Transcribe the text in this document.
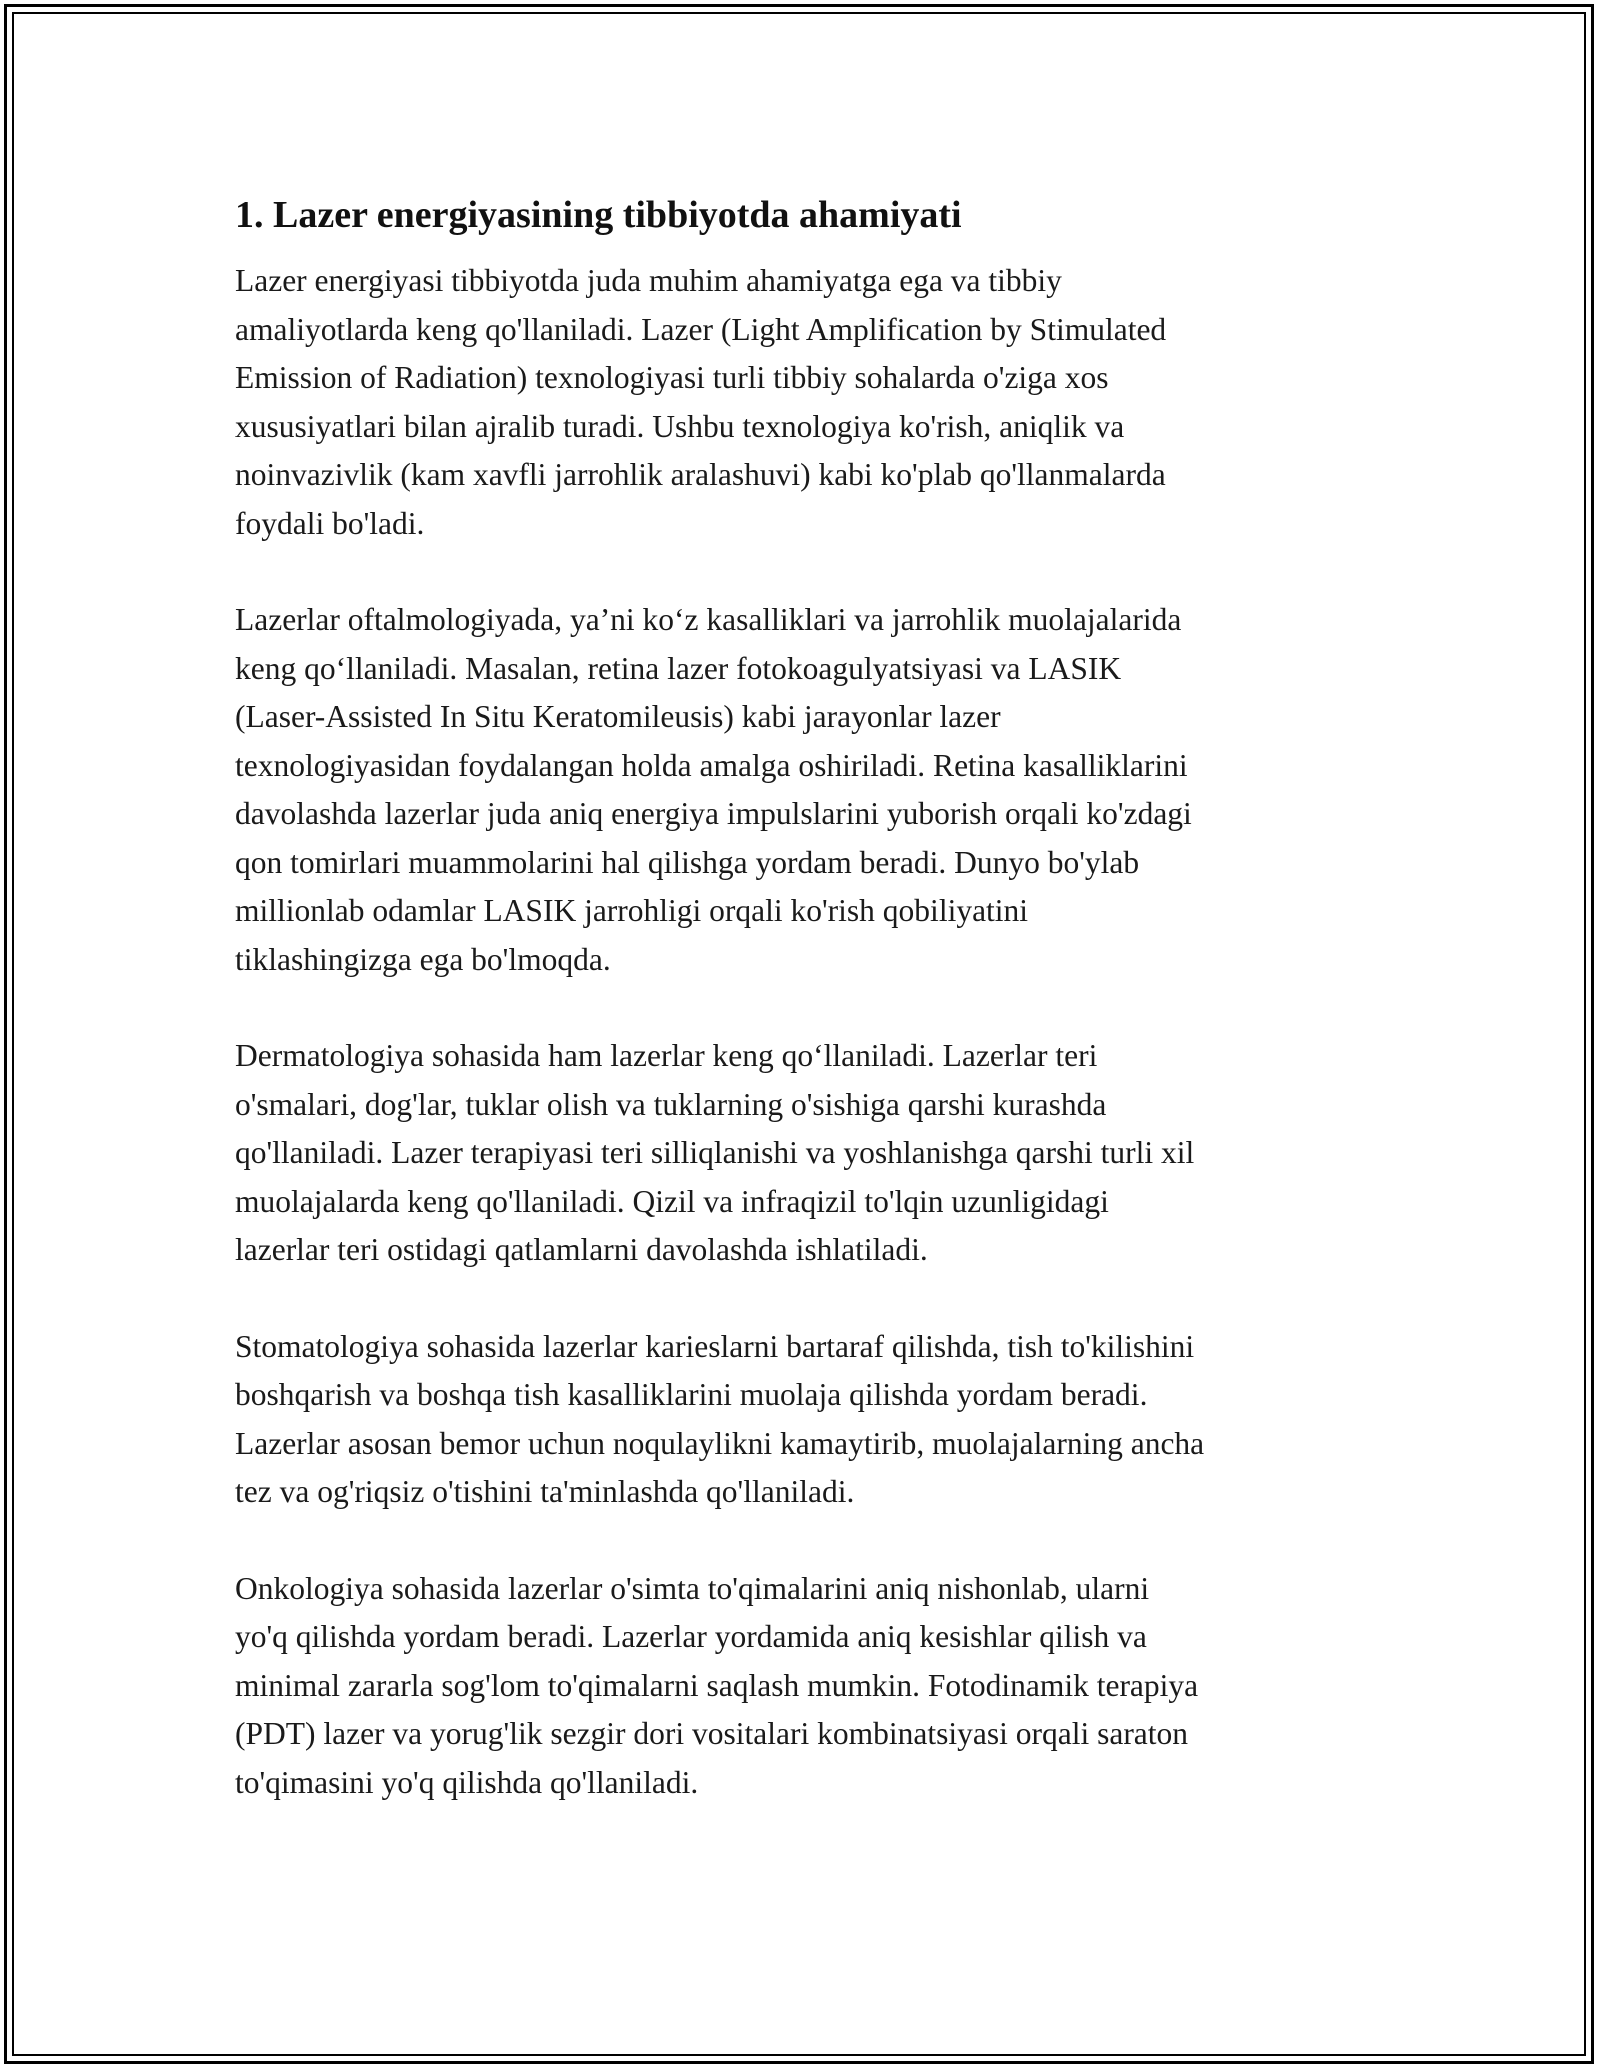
1. Lazer energiyasining tibbiyotda ahamiyati

Lazer energiyasi tibbiyotda juda muhim ahamiyatga ega va tibbiy
amaliyotlarda keng qo'llaniladi. Lazer (Light Amplification by Stimulated
Emission of Radiation) texnologiyasi turli tibbiy sohalarda o'ziga xos
xususiyatlari bilan ajralib turadi. Ushbu texnologiya ko'rish, aniqlik va
noinvazivlik (kam xavfli jarrohlik aralashuvi) kabi ko'plab qo'llanmalarda
foydali bo'ladi.

Lazerlar oftalmologiyada, ya’ni ko‘z kasalliklari va jarrohlik muolajalarida
keng qo‘llaniladi. Masalan, retina lazer fotokoagulyatsiyasi va LASIK
(Laser-Assisted In Situ Keratomileusis) kabi jarayonlar lazer
texnologiyasidan foydalangan holda amalga oshiriladi. Retina kasalliklarini
davolashda lazerlar juda aniq energiya impulslarini yuborish orqali ko'zdagi
qon tomirlari muammolarini hal qilishga yordam beradi. Dunyo bo'ylab
millionlab odamlar LASIK jarrohligi orqali ko'rish qobiliyatini
tiklashingizga ega bo'lmoqda.

Dermatologiya sohasida ham lazerlar keng qo‘llaniladi. Lazerlar teri
o'smalari, dog'lar, tuklar olish va tuklarning o'sishiga qarshi kurashda
qo'llaniladi. Lazer terapiyasi teri silliqlanishi va yoshlanishga qarshi turli xil
muolajalarda keng qo'llaniladi. Qizil va infraqizil to'lqin uzunligidagi
lazerlar teri ostidagi qatlamlarni davolashda ishlatiladi.

Stomatologiya sohasida lazerlar karieslarni bartaraf qilishda, tish to'kilishini
boshqarish va boshqa tish kasalliklarini muolaja qilishda yordam beradi.
Lazerlar asosan bemor uchun noqulaylikni kamaytirib, muolajalarning ancha
tez va og'riqsiz o'tishini ta'minlashda qo'llaniladi.

Onkologiya sohasida lazerlar o'simta to'qimalarini aniq nishonlab, ularni
yo'q qilishda yordam beradi. Lazerlar yordamida aniq kesishlar qilish va
minimal zararla sog'lom to'qimalarni saqlash mumkin. Fotodinamik terapiya
(PDT) lazer va yorug'lik sezgir dori vositalari kombinatsiyasi orqali saraton
to'qimasini yo'q qilishda qo'llaniladi.
